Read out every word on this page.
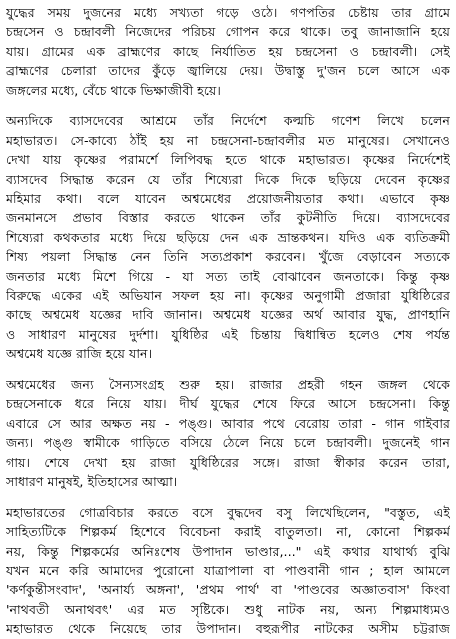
যুদ্ধের সময় দুজনের মধ্যে সখ্যতা গড়ে ওঠে। গণপতির চেষ্টায় তার গ্রামে
চন্দ্রসেন ও চন্দ্রাবলী নিজেদের পরিচয় গোপন করে থাকে। তবু জানাজানি হয়ে
যায়। গ্রামের এক ব্রাহ্মণের কাছে নির্যাতিত হয় চন্দ্রসেনা ও চন্দ্রাবলী। সেই
ব্রাহ্মণের চেলারা তাদের কুঁড়ে জ্বালিয়ে দেয়। উদ্বাস্তু দু'জন চলে আসে এক
জঙ্গলের মধ্যে, বেঁচে থাকে ভিক্ষাজীবী হয়ে।

অন্যদিকে ব্যাসদেবের আশ্রমে তাঁর নির্দেশে কল্মচি গণেশ লিখে চলেন
মহাভারত। সে-কাব্যে ঠাঁই হয় না চন্দ্রসেনা-চন্দ্রাবলীর মত মানুষের। সেখানেও
দেখা যায় কৃষ্ণের পরামর্শে লিপিবদ্ধ হতে থাকে মহাভারত। কৃষ্ণের নির্দেশেই
ব্যাসদেব সিদ্ধান্ত করেন যে তাঁর শিষ্যেরা দিকে দিকে ছড়িয়ে দেবেন কৃষ্ণের
মহিমার কথা। বলে যাবেন অশ্বমেধের প্রয়োজনীয়তার কথা। এভাবে কৃষ্ণ
জনমানসে প্রভাব বিস্তার করতে থাকেন তাঁর কুটনীতি দিয়ে। ব্যাসদেবের
শিষ্যেরা কথকতার মধ্যে দিয়ে ছড়িয়ে দেন এক ভ্রান্তকথন। যদিও এক ব্যতিক্রমী
শিষ্য পয়লা সিদ্ধান্ত নেন তিনি সত্যপ্রকাশ করবেন। খুঁজে বেড়াবেন সত্যকে
জনতার মধ্যে মিশে গিয়ে - যা সত্য তাই বোঝাবেন জনতাকে। কিন্তু কৃষ্ণ
বিরুদ্ধে একের এই অভিযান সফল হয় না। কৃষ্ণের অনুগামী প্রজারা যুধিষ্ঠিরের
কাছে অশ্বমেধ যজ্ঞের দাবি জানান। অশ্বমেধ যজ্ঞের অর্থ আবার যুদ্ধ, প্রাণহানি
ও সাধারণ মানুষের দুর্দশা। যুধিষ্ঠির এই চিন্তায় দ্বিধান্বিত হলেও শেষ পর্যন্ত
অশ্বমেধ যজ্ঞে রাজি হয়ে যান।

অশ্বমেধের জন্য সৈন্যসংগ্রহ শুরু হয়। রাজার প্রহরী গহন জঙ্গল থেকে
চন্দ্রসেনাকে ধরে নিয়ে যায়। দীর্ঘ যুদ্ধের শেষে ফিরে আসে চন্দ্রসেনা। কিন্তু
এবারে সে আর অক্ষত নয় - পঙ্গু। আবার পথে বেরোয় তারা - গান গাইবার
জন্য। পঙ্গু স্বামীকে গাড়িতে বসিয়ে ঠেলে নিয়ে চলে চন্দ্রাবলী। দুজনেই গান
গায়। শেষে দেখা হয় রাজা যুধিষ্ঠিরের সঙ্গে। রাজা স্বীকার করেন তারা,
সাধারণ মানুষই, ইতিহাসের আত্মা।

মহাভারতের গোত্রবিচার করতে বসে বুদ্ধদেব বসু লিখেছিলেন, "বস্তুত, এই
সাহিত্যটিকে শিল্পকর্ম হিশেবে বিবেচনা করাই বাতুলতা। না, কোনো শিল্পকর্ম
নয়, কিন্তু শিল্পকর্মের অনিঃশেষ উপাদান ভাণ্ডার,..." এই কথার যাথার্থ্য বুঝি
যখন মনে করি আমাদের পুরোনো যাত্রাপালা বা পাণ্ডবানী গান ; হাল আমলে
'কর্ণকুন্তীসংবাদ', 'অনার্য্য অঙ্গনা', 'প্রথম পার্থ' বা 'পাণ্ডবের অজ্ঞাতবাস' কিংবা
'নাথবতী অনাথবৎ' এর মত সৃষ্টিকে। শুধু নাটক নয়, অন্য শিল্পমাধ্যমও
মহাভারত থেকে নিয়েছে তার উপাদান। বহুরূপীর নাটকের অসীম চট্টরাজ
